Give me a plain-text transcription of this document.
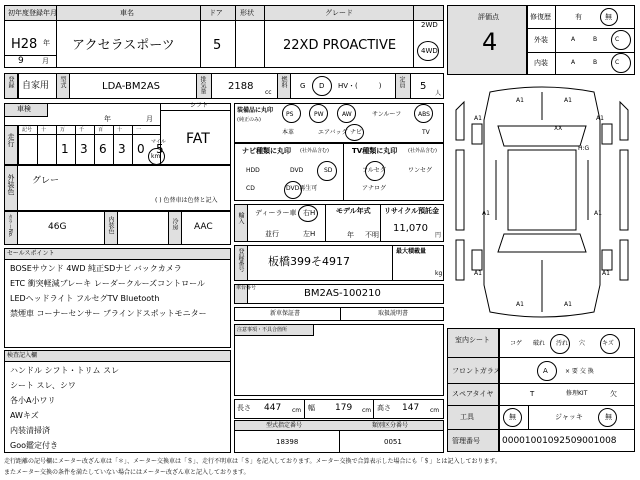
初年度登録年月	車名	ドア 形状	グレード
H28 年
9	月
アクセラスポーツ	5	22XD PROACTIVE
2WD
4WD
登録 自家用 型式	LDA-BM2AS	排気量 2188
cc
燃料 G D HV・(　　　)	定員 5
人
車検
年	月
シフト
FAT
走行
記号 十	万	千	百	十	一
1 3 6 3 0 5
マイル
km
外装色 グレー
( ) 色替車は色替と記入
カラーNo.	46G	内装色	冷房 AAC
セールスポイント
BOSEサウンド 4WD 純正SDナビ バックカメラ
ETC 衝突軽減ブレーキ レーダークルーズコントロール
LEDヘッドライト フルセグTV Bluetooth
禁煙車 コーナーセンサー ブラインドスポットモニター
検査記入欄
ハンドル シフト・トリム スレ
シート スレ、シワ
各小A小ワリ
AWキズ
内装清掃済
Goo鑑定付き
装備品に丸印
(純正のみ)
PS	PW	AW	サンルーフ	ABS
本革	エアバッグ ナビ	TV
ナビ種類に丸印 (社外品含む)	TV種類に丸印 (社外品含む)
HDD	DVD	SD
CD	DVD再生可
フルセグ	ワンセグ
アナログ
輸入 ディーラー車
並行
右H
左H
モデル年式
年 不明
リサイクル預託金
11,070
円
登録番号 板橋399そ4917
最大積載量
kg
車台番号	BM2AS-100210
新車保証書	取扱説明書
注意事項・不具合箇所
長さ 447 cm 幅 179 cm 高さ 147 cm
型式指定番号	類別区分番号
18398	0051
評価点
4
修復歴	有	無
外装
内装
A	B	C
A	B	C
A1	A1
A1	A1
XX
H:G
A1	A1
A1	A1
A1	A1
室内シート	コゲ 破れ 汚れ 穴	キズ
フロントガラス	A	× 要 交 換
スペアタイヤ	T	修理KIT	欠
工具	無	ジャッキ	無
管理番号 00001001092509001008
走行距離の記号欄にメーター改ざん車は「＊」、メーター交換車は「＄」、走行不明車は「＄」を記入しております。メーター交換で合算表示した場合にも「＄」とは記入しております。
またメーター交換の条件を満たしていない場合にはメーター改ざん車と記入しております。
